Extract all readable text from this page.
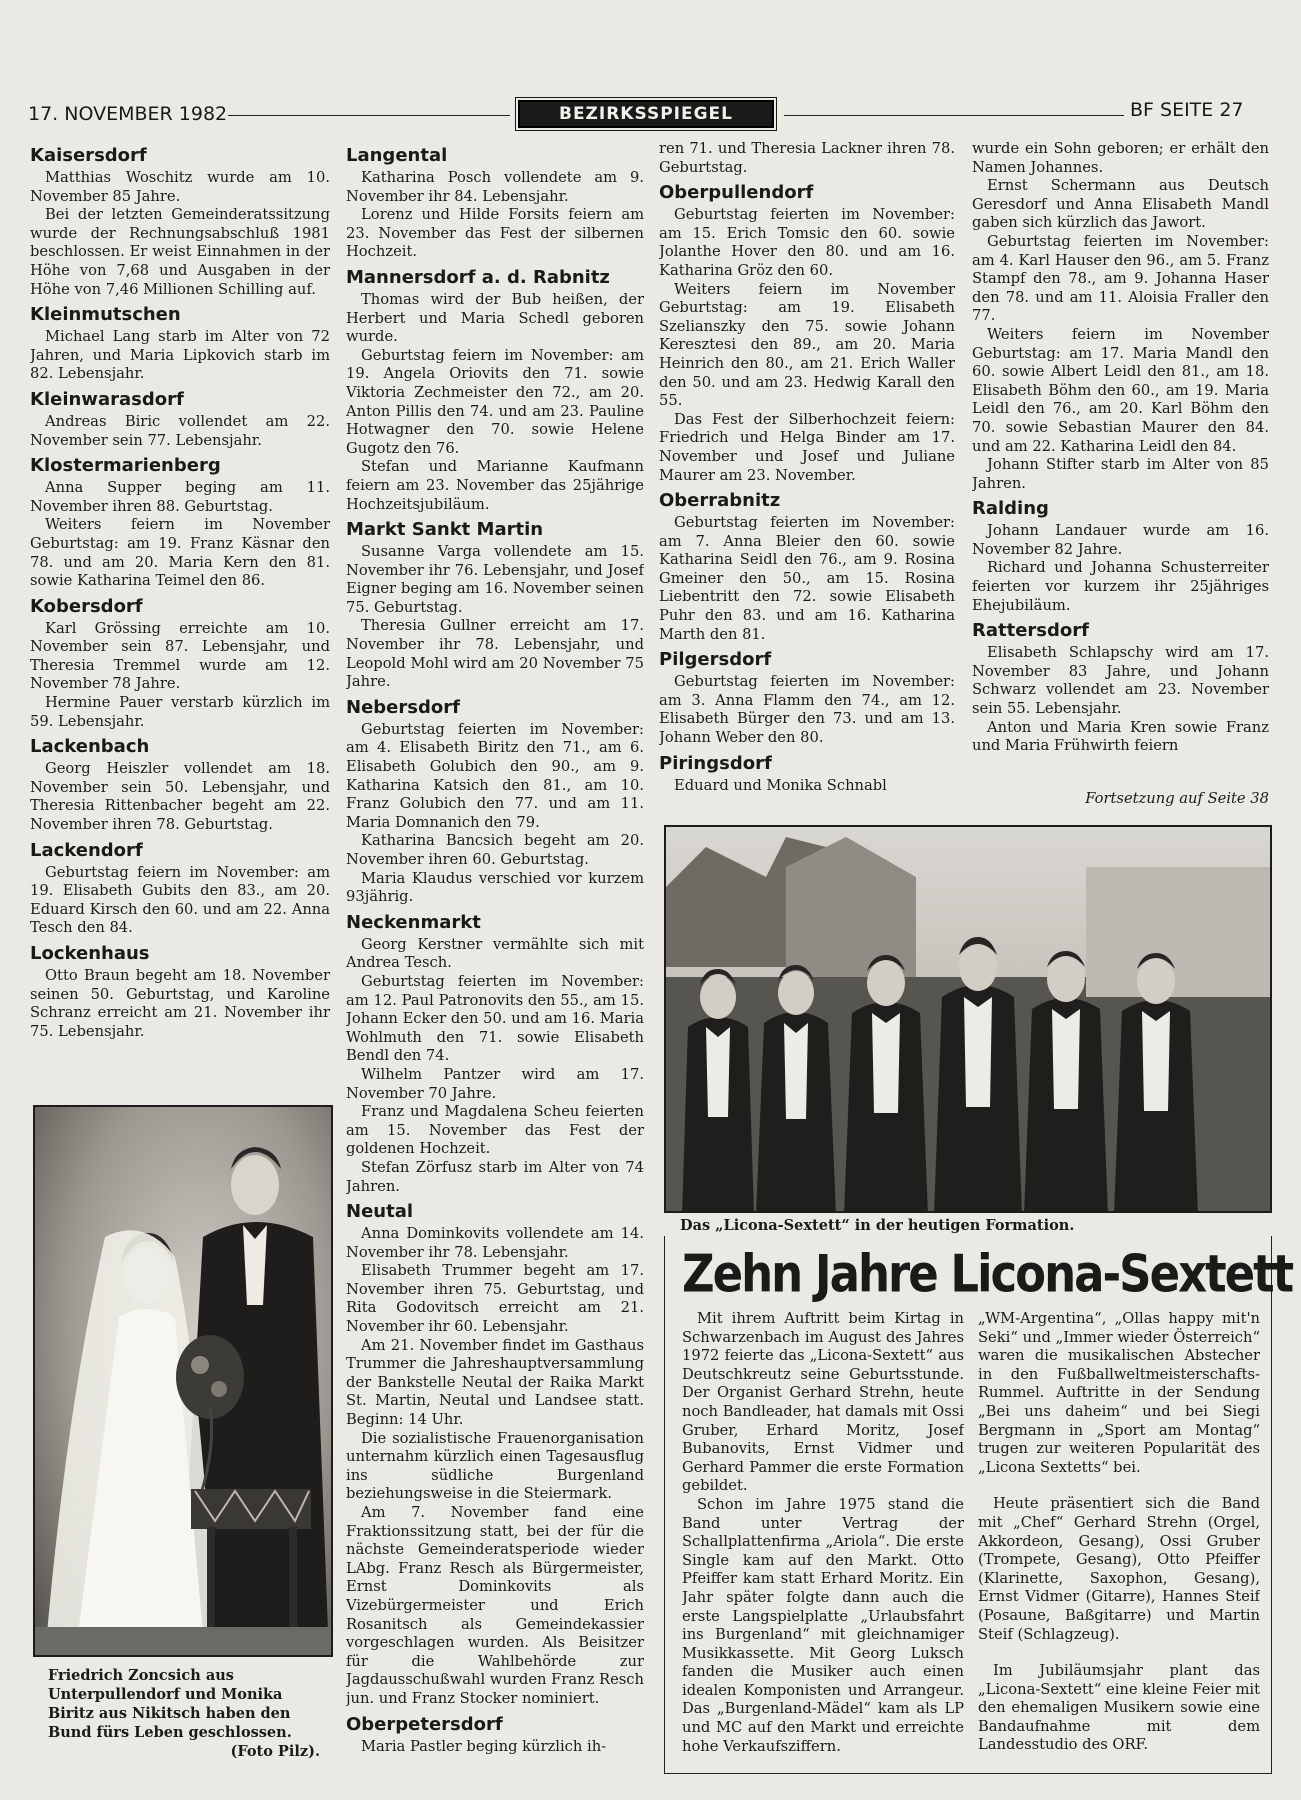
17. NOVEMBER 1982	BEZIRKSSPIEGEL	BF SEITE 27
Kaisersdorf

Matthias Woschitz wurde am 10. November 85 Jahre.

Bei der letzten Gemeinderatssitzung wurde der Rechnungsabschluß 1981 beschlossen. Er weist Einnahmen in der Höhe von 7,68 und Ausgaben in der Höhe von 7,46 Millionen Schilling auf.

Kleinmutschen

Michael Lang starb im Alter von 72 Jahren, und Maria Lipkovich starb im 82. Lebensjahr.

Kleinwarasdorf

Andreas Biric vollendet am 22. November sein 77. Lebensjahr.

Klostermarienberg

Anna Supper begin​g am 11. November ihren 88. Geburtstag.

Weiters feiern im November Geburtstag: am 19. Franz Käsnar den 78. und am 20. Maria Kern den 81. sowie Katharina Teimel den 86.

Kobersdorf

Karl Grössing erreichte am 10. November sein 87. Lebensjahr, und Theresia Tremmel wurde am 12. November 78 Jahre.

Hermine Pauer verstarb kürzlich im 59. Lebensjahr.

Lackenbach

Georg Heiszler vollendet am 18. November sein 50. Lebensjahr, und Theresia Rittenbacher begeht am 22. November ihren 78. Geburtstag.

Lackendorf

Geburtstag feiern im November: am 19. Elisabeth Gubits den 83., am 20. Eduard Kirsch den 60. und am 22. Anna Tesch den 84.

Lockenhaus

Otto Braun begeht am 18. November seinen 50. Geburtstag, und Karoline Schranz erreicht am 21. November ihr 75. Lebensjahr.

Langental

Katharina Posch vollendete am 9. November ihr 84. Lebensjahr.

Lorenz und Hilde Forsits feiern am 23. November das Fest der silbernen Hochzeit.

Mannersdorf a. d. Rabnitz

Thomas wird der Bub heißen, der Herbert und Maria Schedl geboren wurde.

Geburtstag feiern im November: am 19. Angela Oriovits den 71. sowie Viktoria Zechmeister den 72., am 20. Anton Pillis den 74. und am 23. Pauline Hotwagner den 70. sowie Helene Gugotz den 76.

Stefan und Marianne Kaufmann feiern am 23. November das 25jährige Hochzeitsjubiläum.

Markt Sankt Martin

Susanne Varga vollendete am 15. November ihr 76. Lebensjahr, und Josef Eigner beging am 16. November seinen 75. Geburtstag.

Theresia Gullner erreicht am 17. November ihr 78. Lebensjahr, und Leopold Mohl wird am 20 November 75 Jahre.

Nebersdorf

Geburtstag feierten im November: am 4. Elisabeth Biritz den 71., am 6. Elisabeth Golubich den 90., am 9. Katharina Katsich den 81., am 10. Franz Golubich den 77. und am 11. Maria Domnanich den 79.

Katharina Bancsich begeht am 20. November ihren 60. Geburtstag.

Maria Klaudus verschied vor kurzem 93jährig.

Neckenmarkt

Georg Kerstner vermählte sich mit Andrea Tesch.

Geburtstag feierten im November: am 12. Paul Patronovits den 55., am 15. Johann Ecker den 50. und am 16. Maria Wohlmuth den 71. sowie Elisabeth Bendl den 74.

Wilhelm Pantzer wird am 17. November 70 Jahre.

Franz und Magdalena Scheu feierten am 15. November das Fest der goldenen Hochzeit.

Stefan Zörfusz starb im Alter von 74 Jahren.

Neutal

Anna Dominkovits vollendete am 14. November ihr 78. Lebensjahr.

Elisabeth Trummer begeht am 17. November ihren 75. Geburtstag, und Rita Godovitsch erreicht am 21. November ihr 60. Lebensjahr.

Am 21. November findet im Gasthaus Trummer die Jahreshauptversammlung der Bankstelle Neutal der Raika Markt St. Martin, Neutal und Landsee statt. Beginn: 14 Uhr.

Die sozialistische Frauenorganisation unternahm kürzlich einen Tagesausflug ins südliche Burgenland beziehungsweise in die Steiermark.

Am 7. November fand eine Fraktionssitzung statt, bei der für die nächste Gemeinderatsperiode wieder LAbg. Franz Resch als Bürgermeister, Ernst Dominkovits als Vizebürgermeister und Erich Rosanitsch als Gemeindekassier vorgeschlagen wurden. Als Beisitzer für die Wahlbehörde zur Jagdausschußwahl wurden Franz Resch jun. und Franz Stocker nominiert.

Oberpetersdorf

Maria Pastler beging kürzlich ih-

ren 71. und Theresia Lackner ihren 78. Geburtstag.

Oberpullendorf

Geburtstag feierten im November: am 15. Erich Tomsic den 60. sowie Jolanthe Hover den 80. und am 16. Katharina Gröz den 60.

Weiters feiern im November Geburtstag: am 19. Elisabeth Szelianszky den 75. sowie Johann Keresztesi den 89., am 20. Maria Heinrich den 80., am 21. Erich Waller den 50. und am 23. Hedwig Karall den 55.

Das Fest der Silberhochzeit feiern: Friedrich und Helga Binder am 17. November und Josef und Juliane Maurer am 23. November.

Oberrabnitz

Geburtstag feierten im November: am 7. Anna Bleier den 60. sowie Katharina Seidl den 76., am 9. Rosina Gmeiner den 50., am 15. Rosina Liebentritt den 72. sowie Elisabeth Puhr den 83. und am 16. Katharina Marth den 81.

Pilgersdorf

Geburtstag feierten im November: am 3. Anna Flamm den 74., am 12. Elisabeth Bürger den 73. und am 13. Johann Weber den 80.

Piringsdorf

Eduard und Monika Schnabl

wurde ein Sohn geboren; er erhält den Namen Johannes.

Ernst Schermann aus Deutsch Geresdorf und Anna Elisabeth Mandl gaben sich kürzlich das Jawort.

Geburtstag feierten im November: am 4. Karl Hauser den 96., am 5. Franz Stampf den 78., am 9. Johanna Haser den 78. und am 11. Aloisia Fraller den 77.

Weiters feiern im November Geburtstag: am 17. Maria Mandl den 60. sowie Albert Leidl den 81., am 18. Elisabeth Böhm den 60., am 19. Maria Leidl den 76., am 20. Karl Böhm den 70. sowie Sebastian Maurer den 84. und am 22. Katharina Leidl den 84.

Johann Stifter starb im Alter von 85 Jahren.

Ralding

Johann Landauer wurde am 16. November 82 Jahre.

Richard und Johanna Schusterreiter feierten vor kurzem ihr 25jähriges Ehejubiläum.

Rattersdorf

Elisabeth Schlapschy wird am 17. November 83 Jahre, und Johann Schwarz vollendet am 23. November sein 55. Lebensjahr.

Anton und Maria Kren sowie Franz und Maria Frühwirth feiern

Fortsetzung auf Seite 38

Friedrich Zoncsich aus Unterpullendorf und Monika Biritz aus Nikitsch haben den Bund fürs Leben geschlossen.
(Foto Pilz).
Das „Licona-Sextett“ in der heutigen Formation.
Zehn Jahre Licona-Sextett

Mit ihrem Auftritt beim Kirtag in Schwarzenbach im August des Jahres 1972 feierte das „Licona-Sextett“ aus Deutschkreutz seine Geburtsstunde. Der Organist Gerhard Strehn, heute noch Bandleader, hat damals mit Ossi Gruber, Erhard Moritz, Josef Bubanovits, Ernst Vidmer und Gerhard Pammer die erste Formation gebildet.

Schon im Jahre 1975 stand die Band unter Vertrag der Schallplattenfirma „Ariola“. Die erste Single kam auf den Markt. Otto Pfeiffer kam statt Erhard Moritz. Ein Jahr später folgte dann auch die erste Langspielplatte „Urlaubsfahrt ins Burgenland“ mit gleichnamiger Musikkassette. Mit Georg Luksch fanden die Musiker auch einen idealen Komponisten und Arrangeur. Das „Burgenland-Mädel“ kam als LP und MC auf den Markt und erreichte hohe Verkaufsziffern.

„WM-Argentina“, „Ollas happy mit'n Seki“ und „Immer wieder Österreich“ waren die musikalischen Abstecher in den Fußballweltmeisterschafts-Rummel. Auftritte in der Sendung „Bei uns daheim“ und bei Siegi Bergmann in „Sport am Montag“ trugen zur weiteren Popularität des „Licona Sextetts“ bei.

Heute präsentiert sich die Band mit „Chef“ Gerhard Strehn (Orgel, Akkordeon, Gesang), Ossi Gruber (Trompete, Gesang), Otto Pfeiffer (Klarinette, Saxophon, Gesang), Ernst Vidmer (Gitarre), Hannes Steif (Posaune, Baßgitarre) und Martin Steif (Schlagzeug).

Im Jubiläumsjahr plant das „Licona-Sextett“ eine kleine Feier mit den ehemaligen Musikern sowie eine Bandaufnahme mit dem Landesstudio des ORF.
